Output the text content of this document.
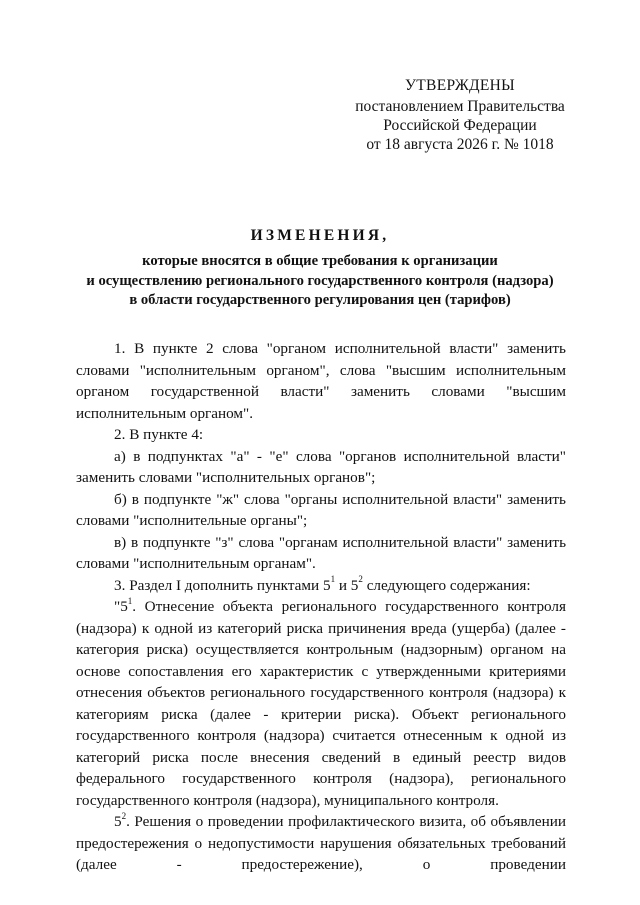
УТВЕРЖДЕНЫ
постановлением Правительства
Российской Федерации
от 18 августа 2026 г. № 1018
ИЗМЕНЕНИЯ,
которые вносятся в общие требования к организации
и осуществлению регионального государственного контроля (надзора)
в области государственного регулирования цен (тарифов)

1. В пункте 2 слова "органом исполнительной власти" заменить словами "исполнительным органом", слова "высшим исполнительным органом государственной власти" заменить словами "высшим исполнительным органом".

2. В пункте 4:

а) в подпунктах "а" - "е" слова "органов исполнительной власти" заменить словами "исполнительных органов";

б) в подпункте "ж" слова "органы исполнительной власти" заменить словами "исполнительные органы";

в) в подпункте "з" слова "органам исполнительной власти" заменить словами "исполнительным органам".

3. Раздел I дополнить пунктами $5^1$ и $5^2$ следующего содержания:

"$5^1$. Отнесение объекта регионального государственного контроля (надзора) к одной из категорий риска причинения вреда (ущерба) (далее - категория риска) осуществляется контрольным (надзорным) органом на основе сопоставления его характеристик с утвержденными критериями отнесения объектов регионального государственного контроля (надзора) к категориям риска (далее - критерии риска). Объект регионального государственного контроля (надзора) считается отнесенным к одной из категорий риска после внесения сведений в единый реестр видов федерального государственного контроля (надзора), регионального государственного контроля (надзора), муниципального контроля.

$5^2$. Решения о проведении профилактического визита, об объявлении предостережения о недопустимости нарушения обязательных требований (далее - предостережение), о проведении
